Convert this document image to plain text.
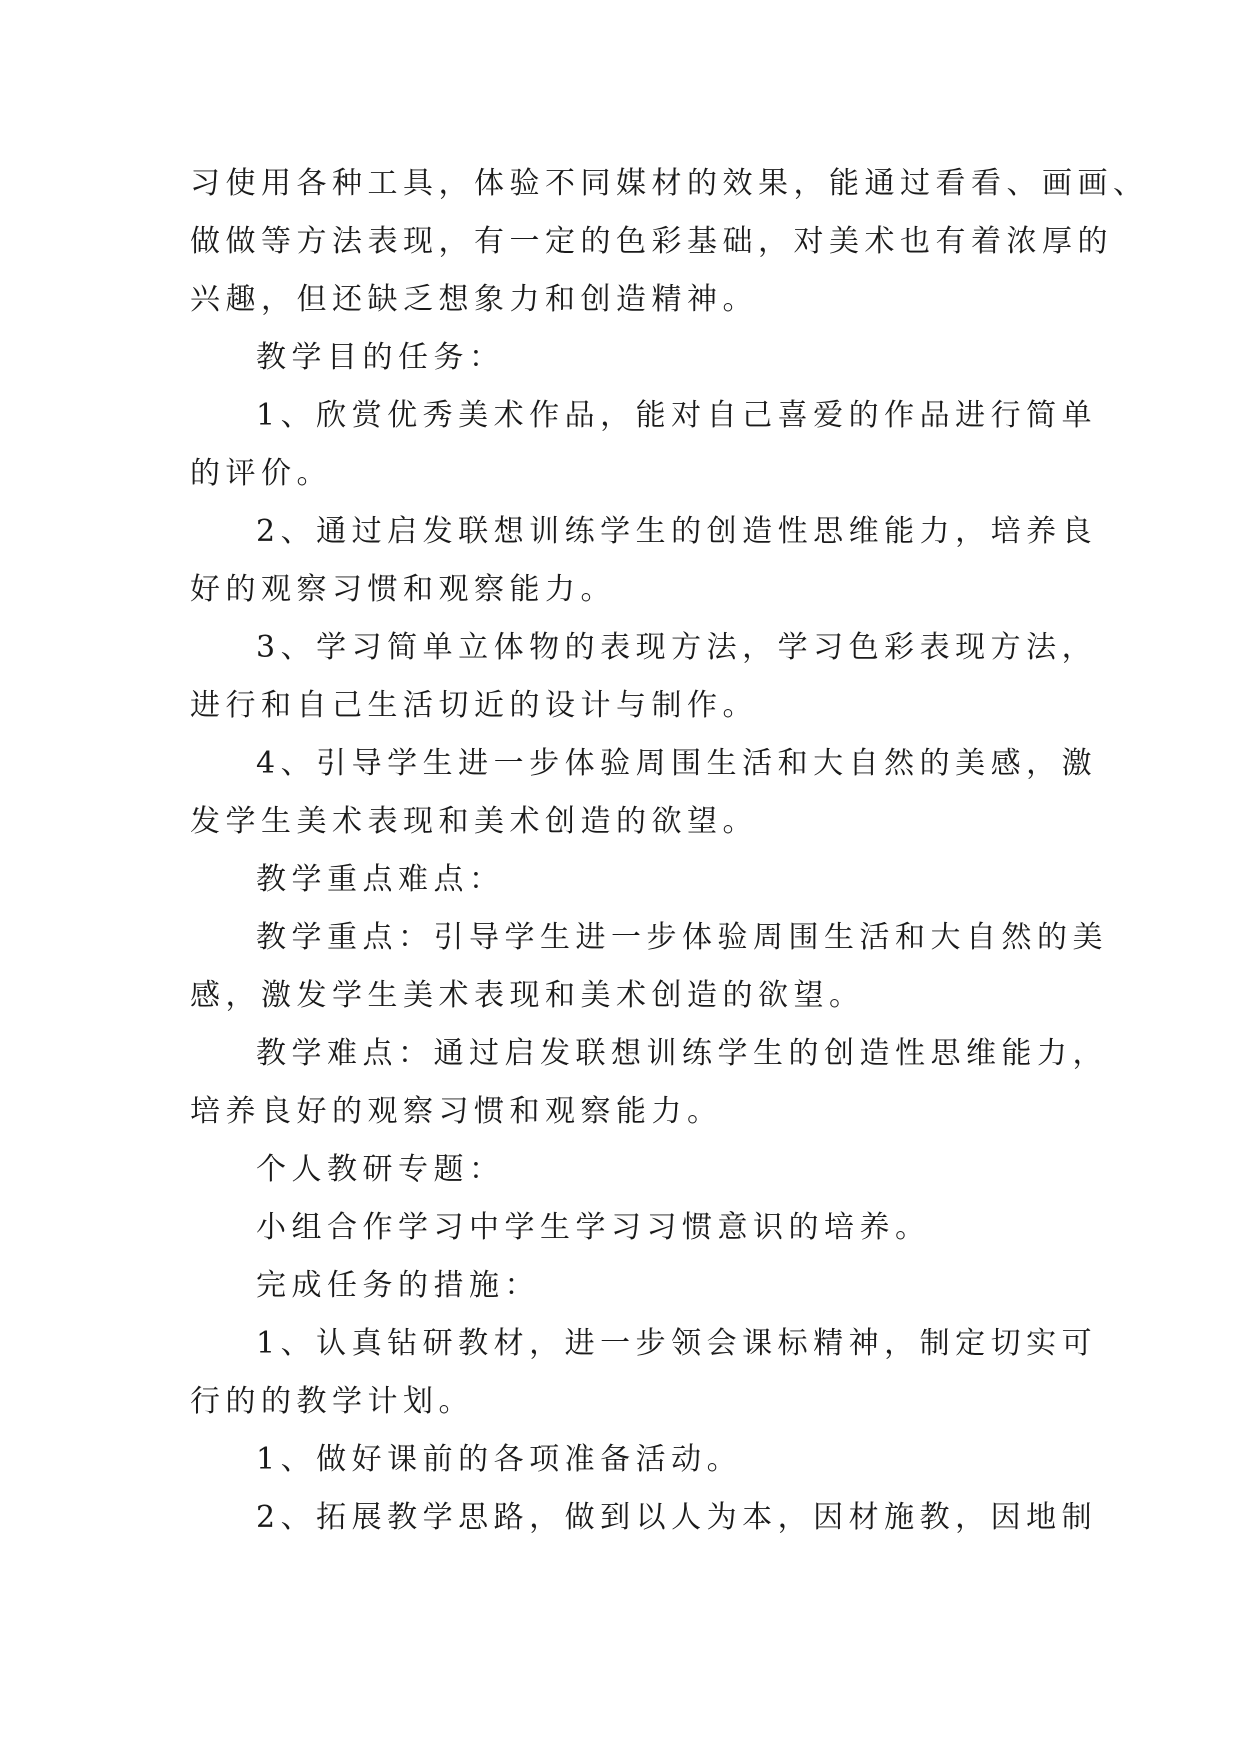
习使用各种工具，体验不同媒材的效果，能通过看看、画画、
做做等方法表现，有一定的色彩基础，对美术也有着浓厚的
兴趣，但还缺乏想象力和创造精神。
教学目的任务：
1、欣赏优秀美术作品，能对自己喜爱的作品进行简单
的评价。
2、通过启发联想训练学生的创造性思维能力，培养良
好的观察习惯和观察能力。
3、学习简单立体物的表现方法，学习色彩表现方法，
进行和自己生活切近的设计与制作。
4、引导学生进一步体验周围生活和大自然的美感，激
发学生美术表现和美术创造的欲望。
教学重点难点：
教学重点：引导学生进一步体验周围生活和大自然的美
感，激发学生美术表现和美术创造的欲望。
教学难点：通过启发联想训练学生的创造性思维能力，
培养良好的观察习惯和观察能力。
个人教研专题：
小组合作学习中学生学习习惯意识的培养。
完成任务的措施：
1、认真钻研教材，进一步领会课标精神，制定切实可
行的的教学计划。
1、做好课前的各项准备活动。
2、拓展教学思路，做到以人为本，因材施教，因地制
